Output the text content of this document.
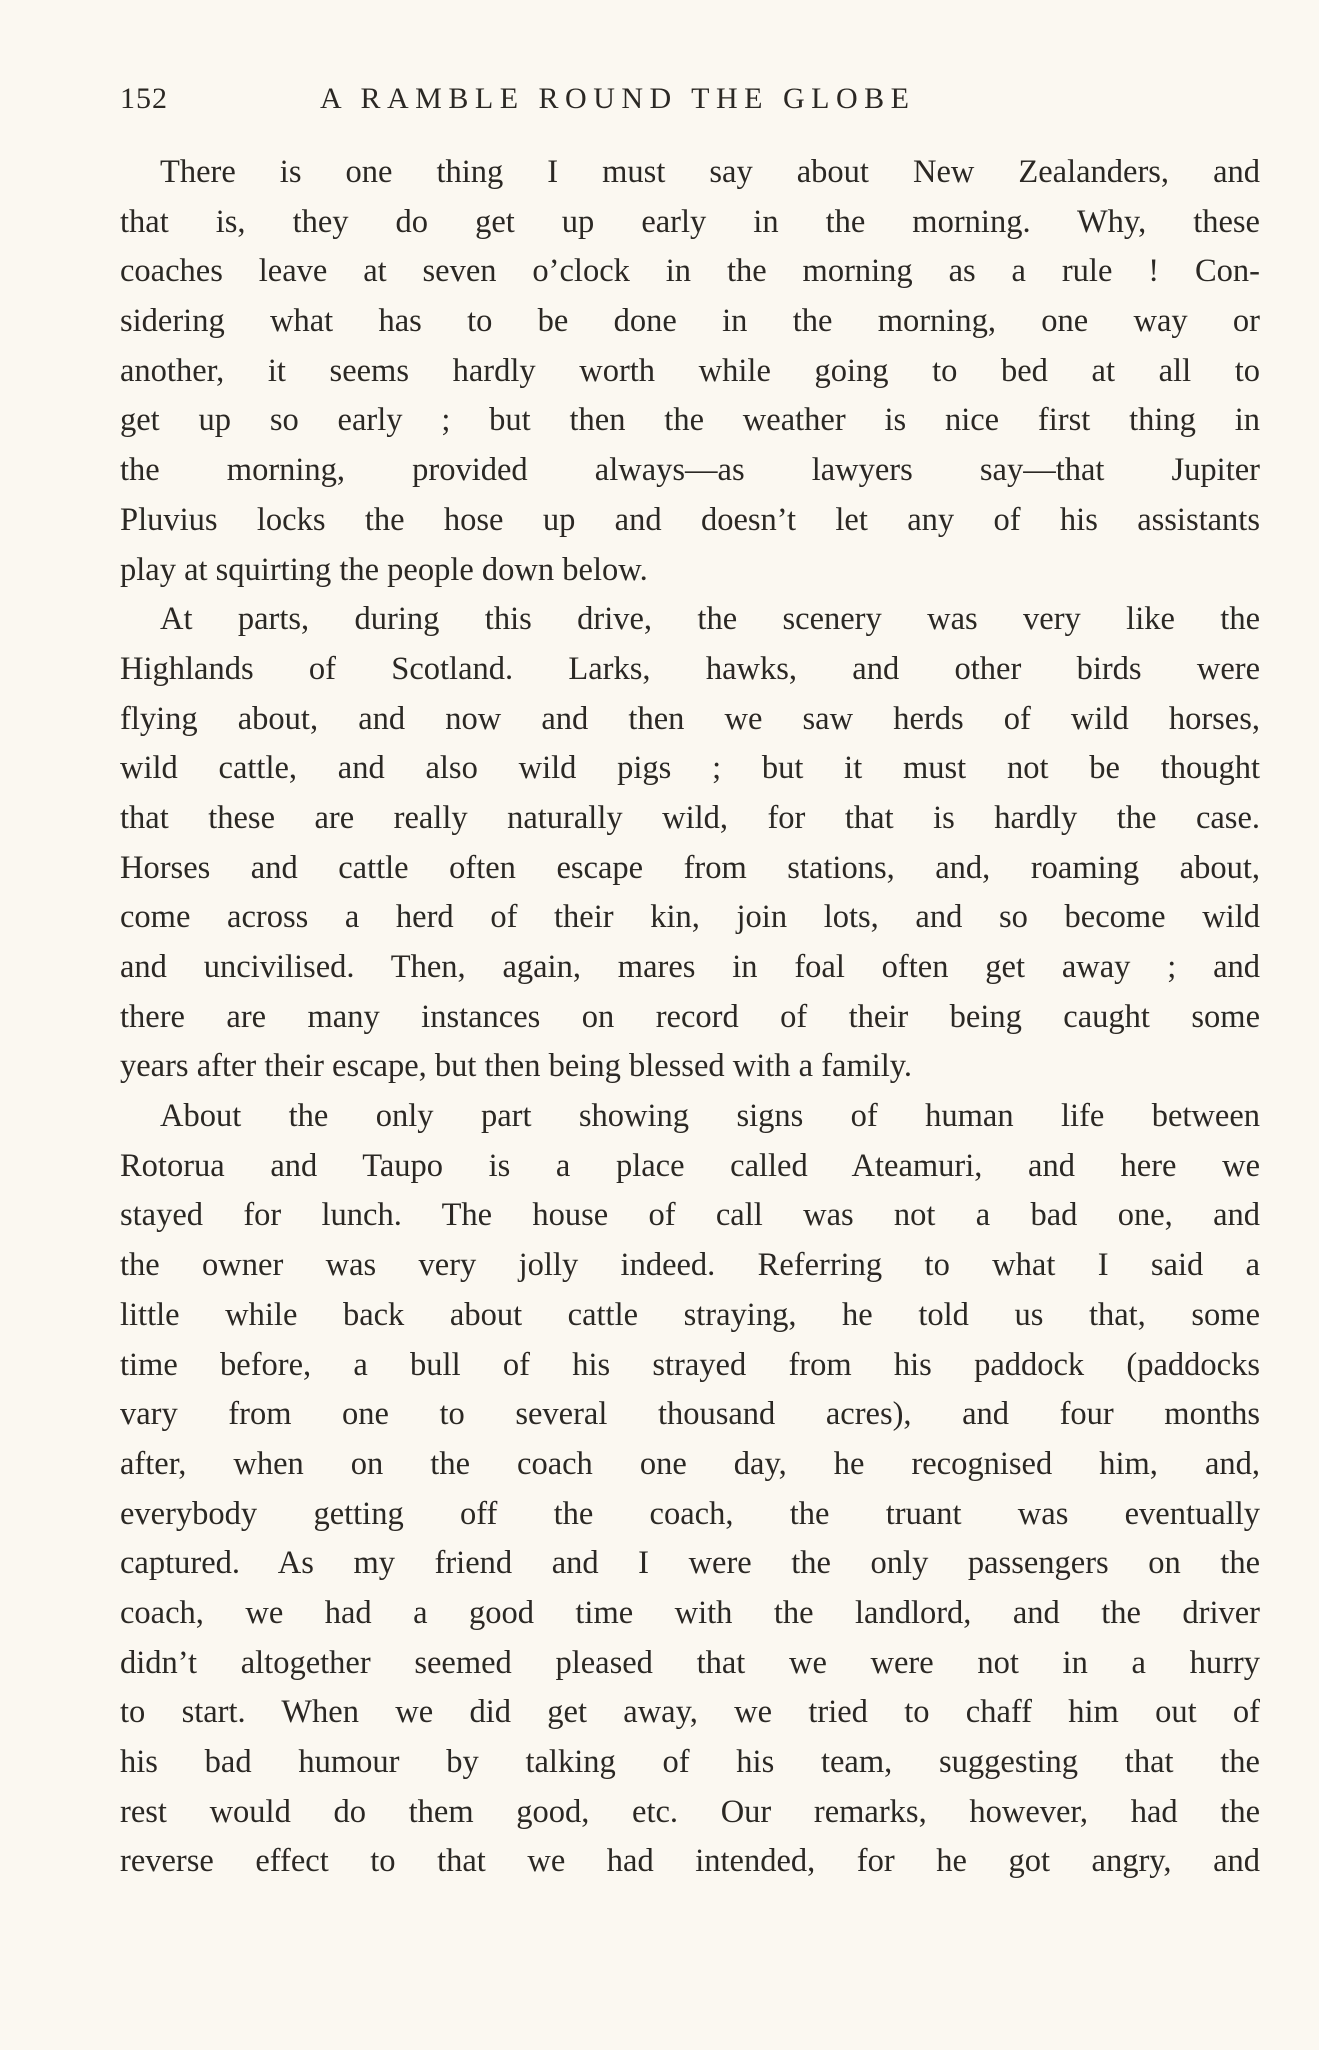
152	A RAMBLE ROUND THE GLOBE
There is one thing I must say about New Zealanders, and
that is, they do get up early in the morning. Why, these
coaches leave at seven o’clock in the morning as a rule ! Con-
sidering what has to be done in the morning, one way or
another, it seems hardly worth while going to bed at all to
get up so early ; but then the weather is nice first thing in
the morning, provided always—as lawyers say—that Jupiter
Pluvius locks the hose up and doesn’t let any of his assistants
play at squirting the people down below.
At parts, during this drive, the scenery was very like the
Highlands of Scotland. Larks, hawks, and other birds were
flying about, and now and then we saw herds of wild horses,
wild cattle, and also wild pigs ; but it must not be thought
that these are really naturally wild, for that is hardly the case.
Horses and cattle often escape from stations, and, roaming about,
come across a herd of their kin, join lots, and so become wild
and uncivilised. Then, again, mares in foal often get away ; and
there are many instances on record of their being caught some
years after their escape, but then being blessed with a family.
About the only part showing signs of human life between
Rotorua and Taupo is a place called Ateamuri, and here we
stayed for lunch. The house of call was not a bad one, and
the owner was very jolly indeed. Referring to what I said a
little while back about cattle straying, he told us that, some
time before, a bull of his strayed from his paddock (paddocks
vary from one to several thousand acres), and four months
after, when on the coach one day, he recognised him, and,
everybody getting off the coach, the truant was eventually
captured. As my friend and I were the only passengers on the
coach, we had a good time with the landlord, and the driver
didn’t altogether seemed pleased that we were not in a hurry
to start. When we did get away, we tried to chaff him out of
his bad humour by talking of his team, suggesting that the
rest would do them good, etc. Our remarks, however, had the
reverse effect to that we had intended, for he got angry, and
